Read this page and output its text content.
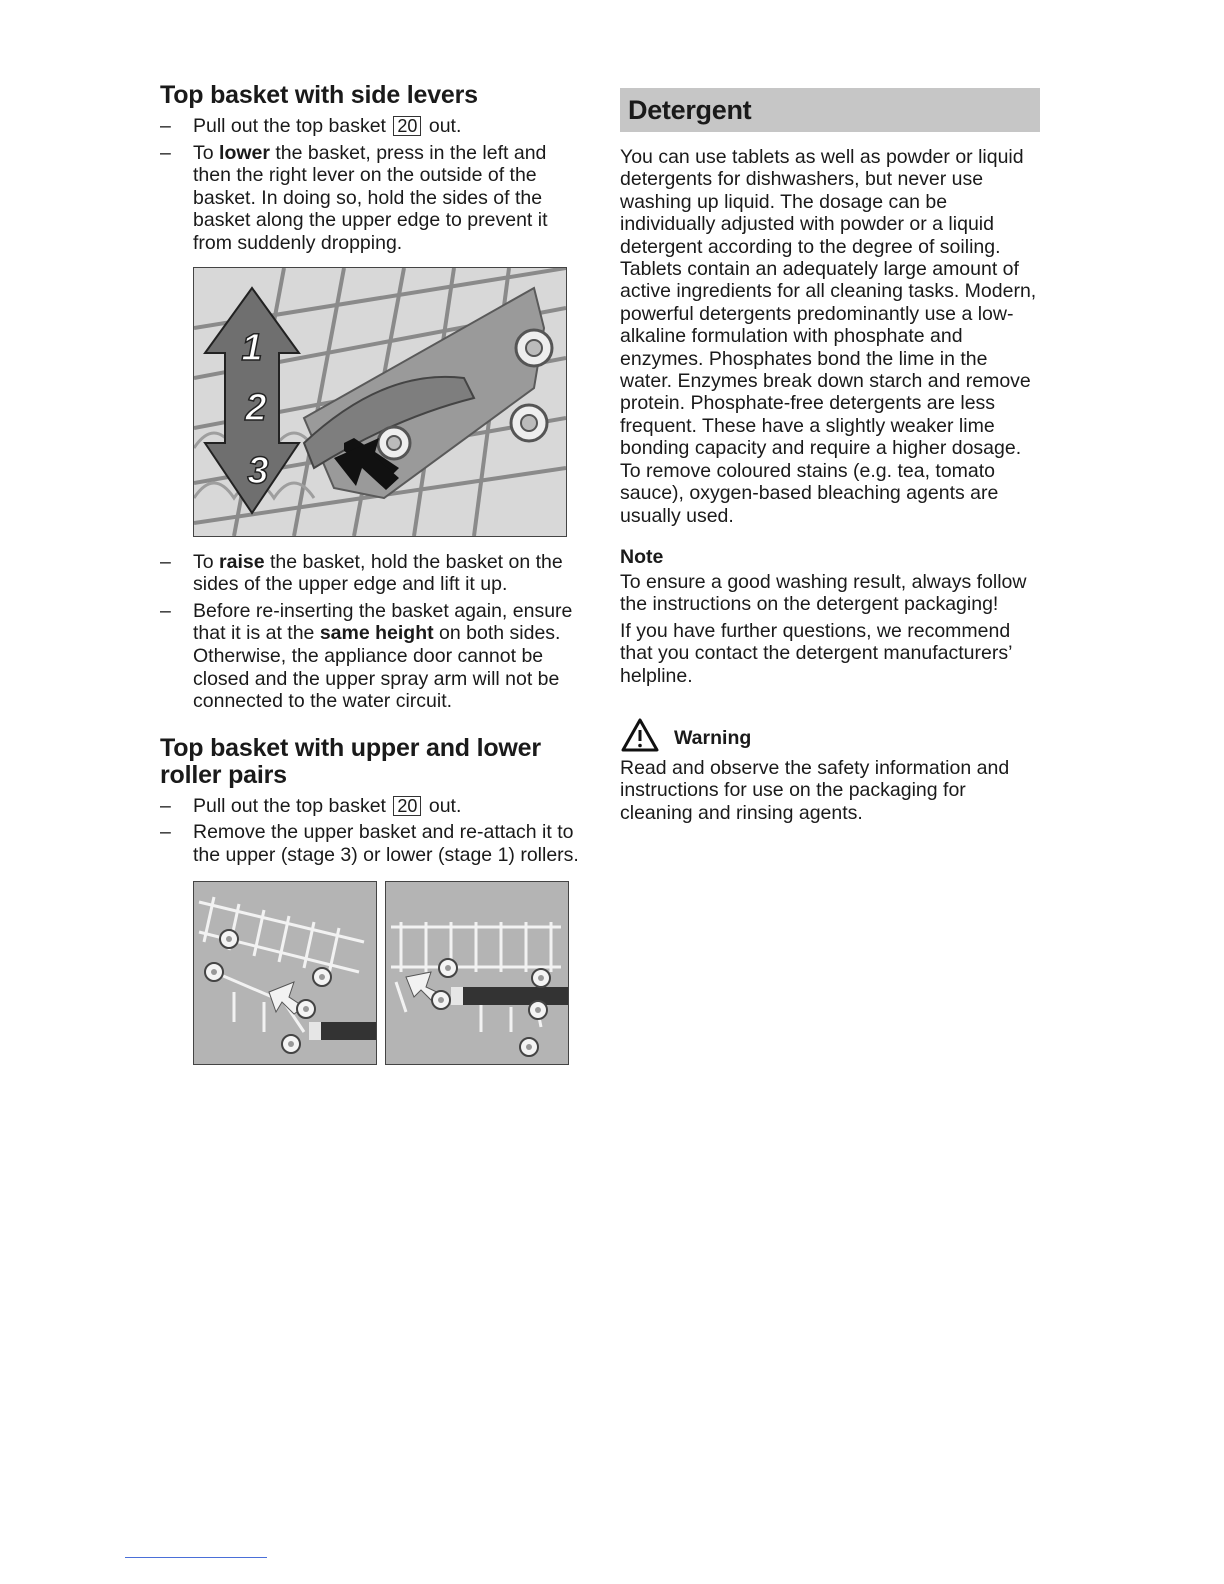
Top basket with side levers
– Pull out the top basket 20 out.
– To lower the basket, press in the left and then the right lever on the outside of the basket. In doing so, hold the sides of the basket along the upper edge to prevent it from suddenly dropping.
1
2
3
– To raise the basket, hold the basket on the sides of the upper edge and lift it up.
– Before re-inserting the basket again, ensure that it is at the same height on both sides. Otherwise, the appliance door cannot be closed and the upper spray arm will not be connected to the water circuit.
Top basket with upper and lower roller pairs
– Pull out the top basket 20 out.
– Remove the upper basket and re-attach it to the upper (stage 3) or lower (stage 1) rollers.
Detergent

You can use tablets as well as powder or liquid detergents for dishwashers, but never use washing up liquid. The dosage can be individually adjusted with powder or a liquid detergent according to the degree of soiling. Tablets contain an adequately large amount of active ingredients for all cleaning tasks. Modern, powerful detergents predominantly use a low-alkaline formulation with phosphate and enzymes. Phosphates bond the lime in the water. Enzymes break down starch and remove protein. Phosphate-free detergents are less frequent. These have a slightly weaker lime bonding capacity and require a higher dosage. To remove coloured stains (e.g. tea, tomato sauce), oxygen-based bleaching agents are usually used.

Note

To ensure a good washing result, always follow the instructions on the detergent packaging!

If you have further questions, we recommend that you contact the detergent manufacturers’ helpline.

Warning

Read and observe the safety information and instructions for use on the packaging for cleaning and rinsing agents.
